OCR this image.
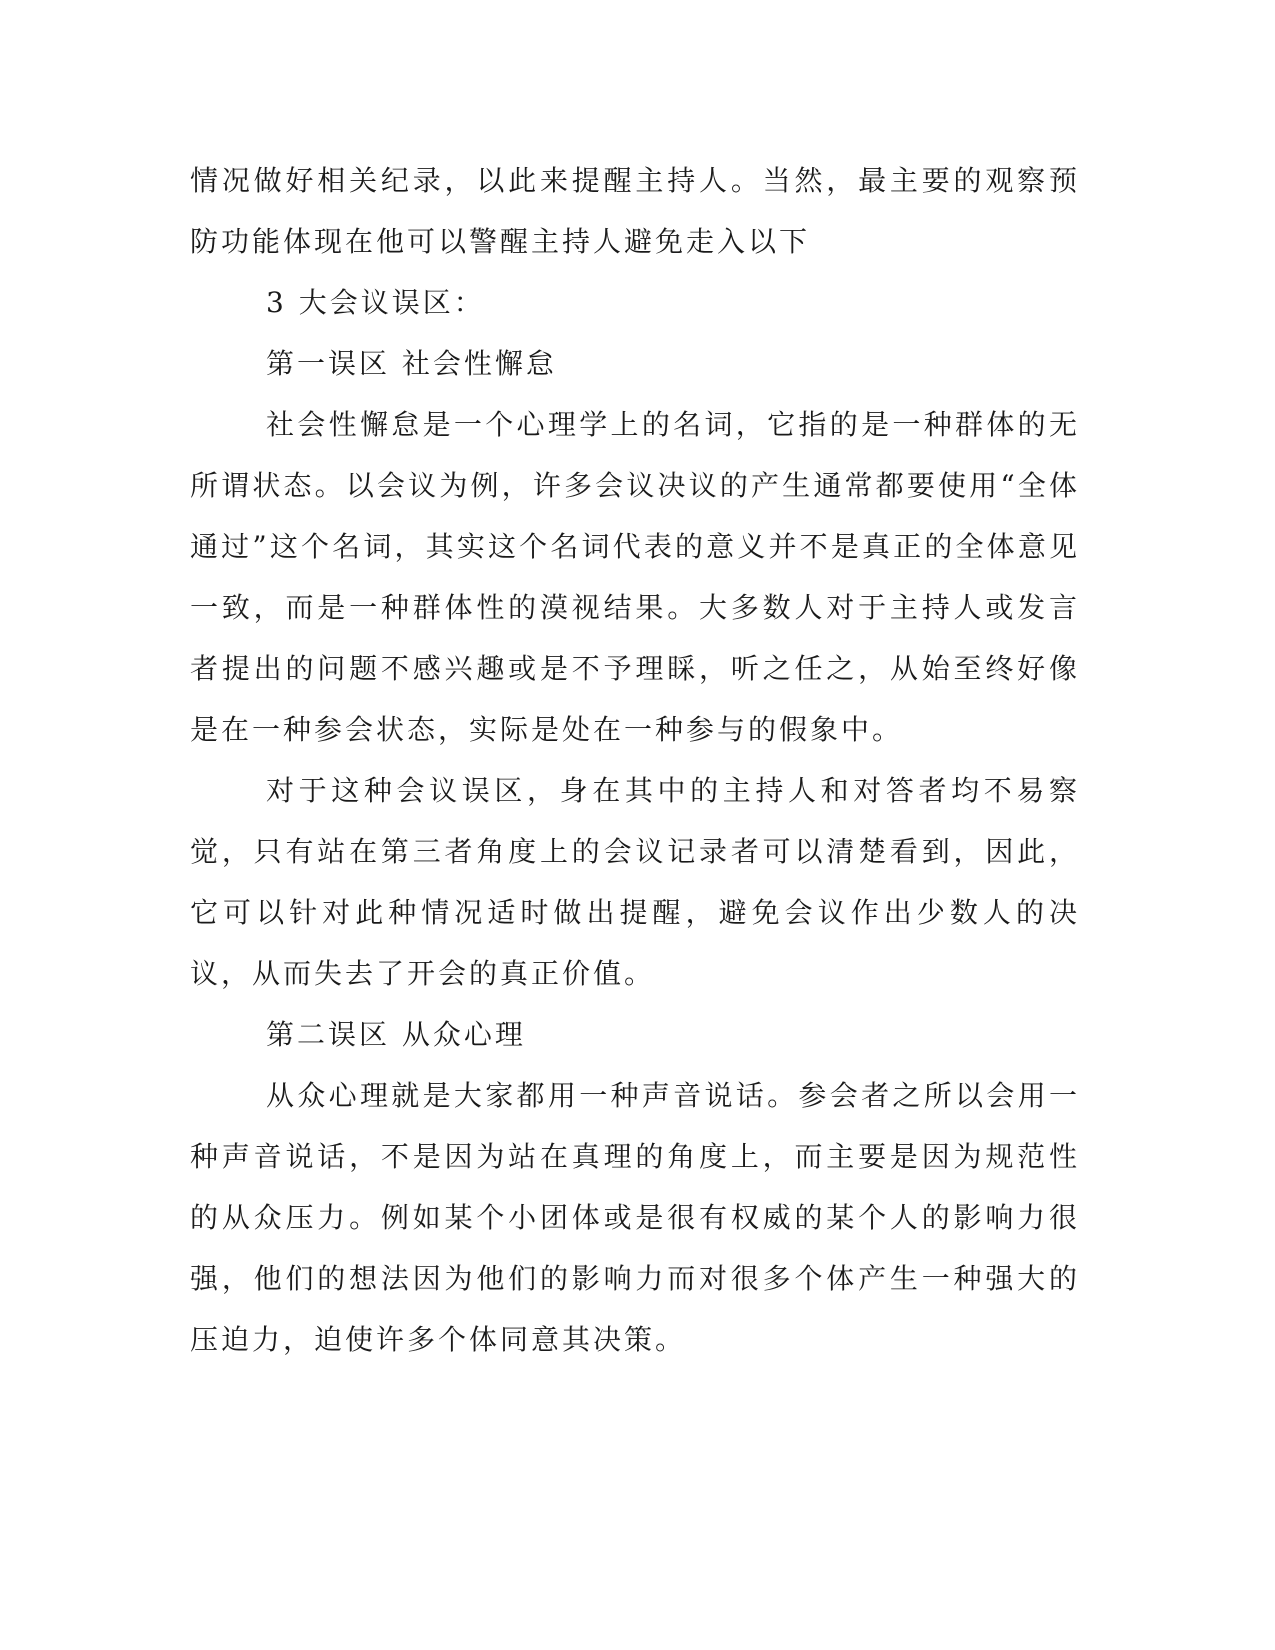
情况做好相关纪录，以此来提醒主持人。当然，最主要的观察预防功能体现在他可以警醒主持人避免走入以下

3 大会议误区：

第一误区 社会性懈怠

社会性懈怠是一个心理学上的名词，它指的是一种群体的无所谓状态。以会议为例，许多会议决议的产生通常都要使用“全体通过”这个名词，其实这个名词代表的意义并不是真正的全体意见一致，而是一种群体性的漠视结果。大多数人对于主持人或发言者提出的问题不感兴趣或是不予理睬，听之任之，从始至终好像是在一种参会状态，实际是处在一种参与的假象中。

对于这种会议误区，身在其中的主持人和对答者均不易察觉，只有站在第三者角度上的会议记录者可以清楚看到，因此，它可以针对此种情况适时做出提醒，避免会议作出少数人的决议，从而失去了开会的真正价值。

第二误区 从众心理

从众心理就是大家都用一种声音说话。参会者之所以会用一种声音说话，不是因为站在真理的角度上，而主要是因为规范性的从众压力。例如某个小团体或是很有权威的某个人的影响力很强，他们的想法因为他们的影响力而对很多个体产生一种强大的压迫力，迫使许多个体同意其决策。
